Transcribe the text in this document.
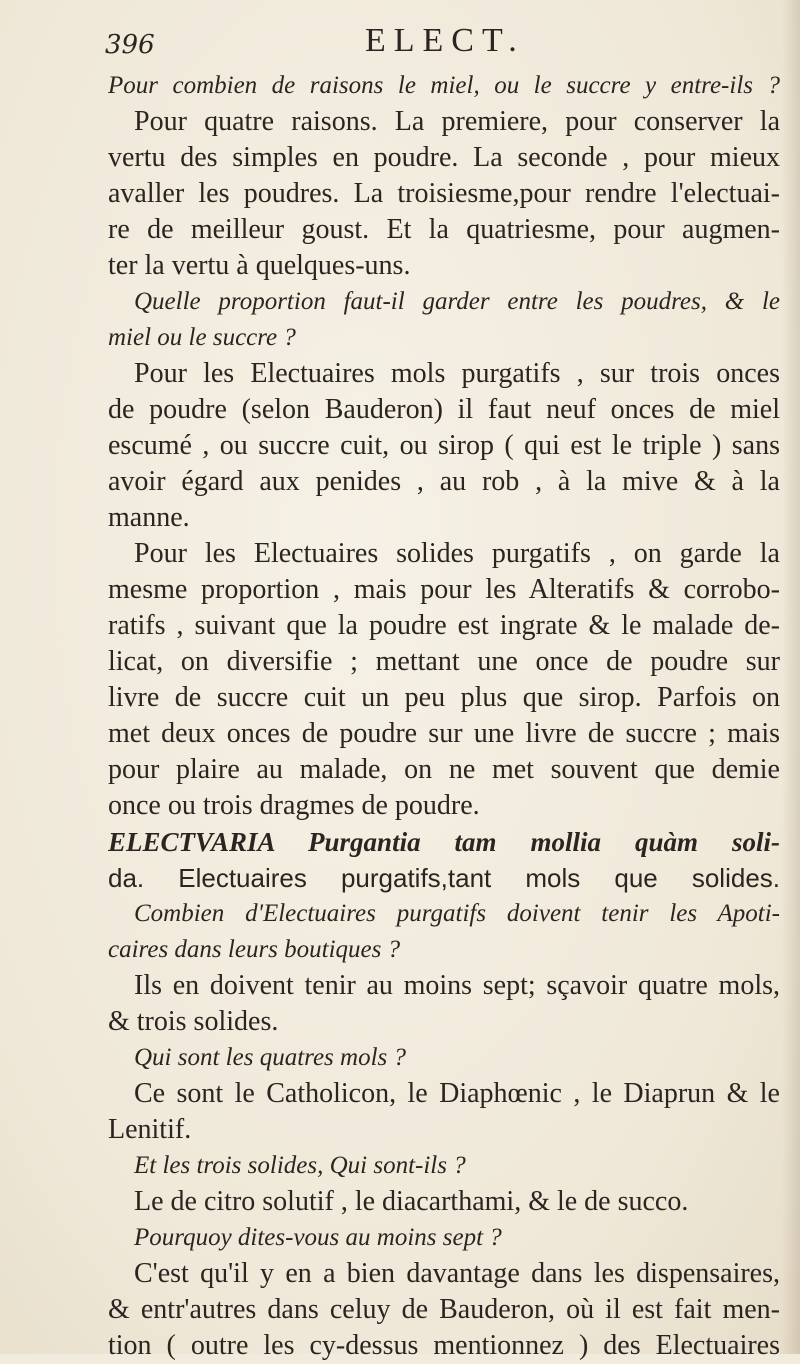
396	ELECT.
Pour combien de raisons le miel, ou le succre y entre-ils ?
Pour quatre raisons. La premiere, pour conserver la
vertu des simples en poudre. La seconde , pour mieux
avaller les poudres. La troisiesme,pour rendre l'electuai-
re de meilleur goust. Et la quatriesme, pour augmen-
ter la vertu à quelques-uns.
Quelle proportion faut-il garder entre les poudres, & le
miel ou le succre ?
Pour les Electuaires mols purgatifs , sur trois onces
de poudre (selon Bauderon) il faut neuf onces de miel
escumé , ou succre cuit, ou sirop ( qui est le triple ) sans
avoir égard aux penides , au rob , à la mive & à la
manne.
Pour les Electuaires solides purgatifs , on garde la
mesme proportion , mais pour les Alteratifs & corrobo-
ratifs , suivant que la poudre est ingrate & le malade de-
licat, on diversifie ; mettant une once de poudre sur
livre de succre cuit un peu plus que sirop. Parfois on
met deux onces de poudre sur une livre de succre ; mais
pour plaire au malade, on ne met souvent que demie
once ou trois dragmes de poudre.
ELECTVARIA Purgantia tam mollia quàm soli-
da. Electuaires purgatifs,tant mols que solides.
Combien d'Electuaires purgatifs doivent tenir les Apoti-
caires dans leurs boutiques ?
Ils en doivent tenir au moins sept; sçavoir quatre mols,
& trois solides.
Qui sont les quatres mols ?
Ce sont le Catholicon, le Diaphœnic , le Diaprun & le
Lenitif.
Et les trois solides, Qui sont-ils ?
Le de citro solutif , le diacarthami, & le de succo.
Pourquoy dites-vous au moins sept ?
C'est qu'il y en a bien davantage dans les dispensaires,
& entr'autres dans celuy de Bauderon, où il est fait men-
tion ( outre les cy-dessus mentionnez ) des Electuaires
